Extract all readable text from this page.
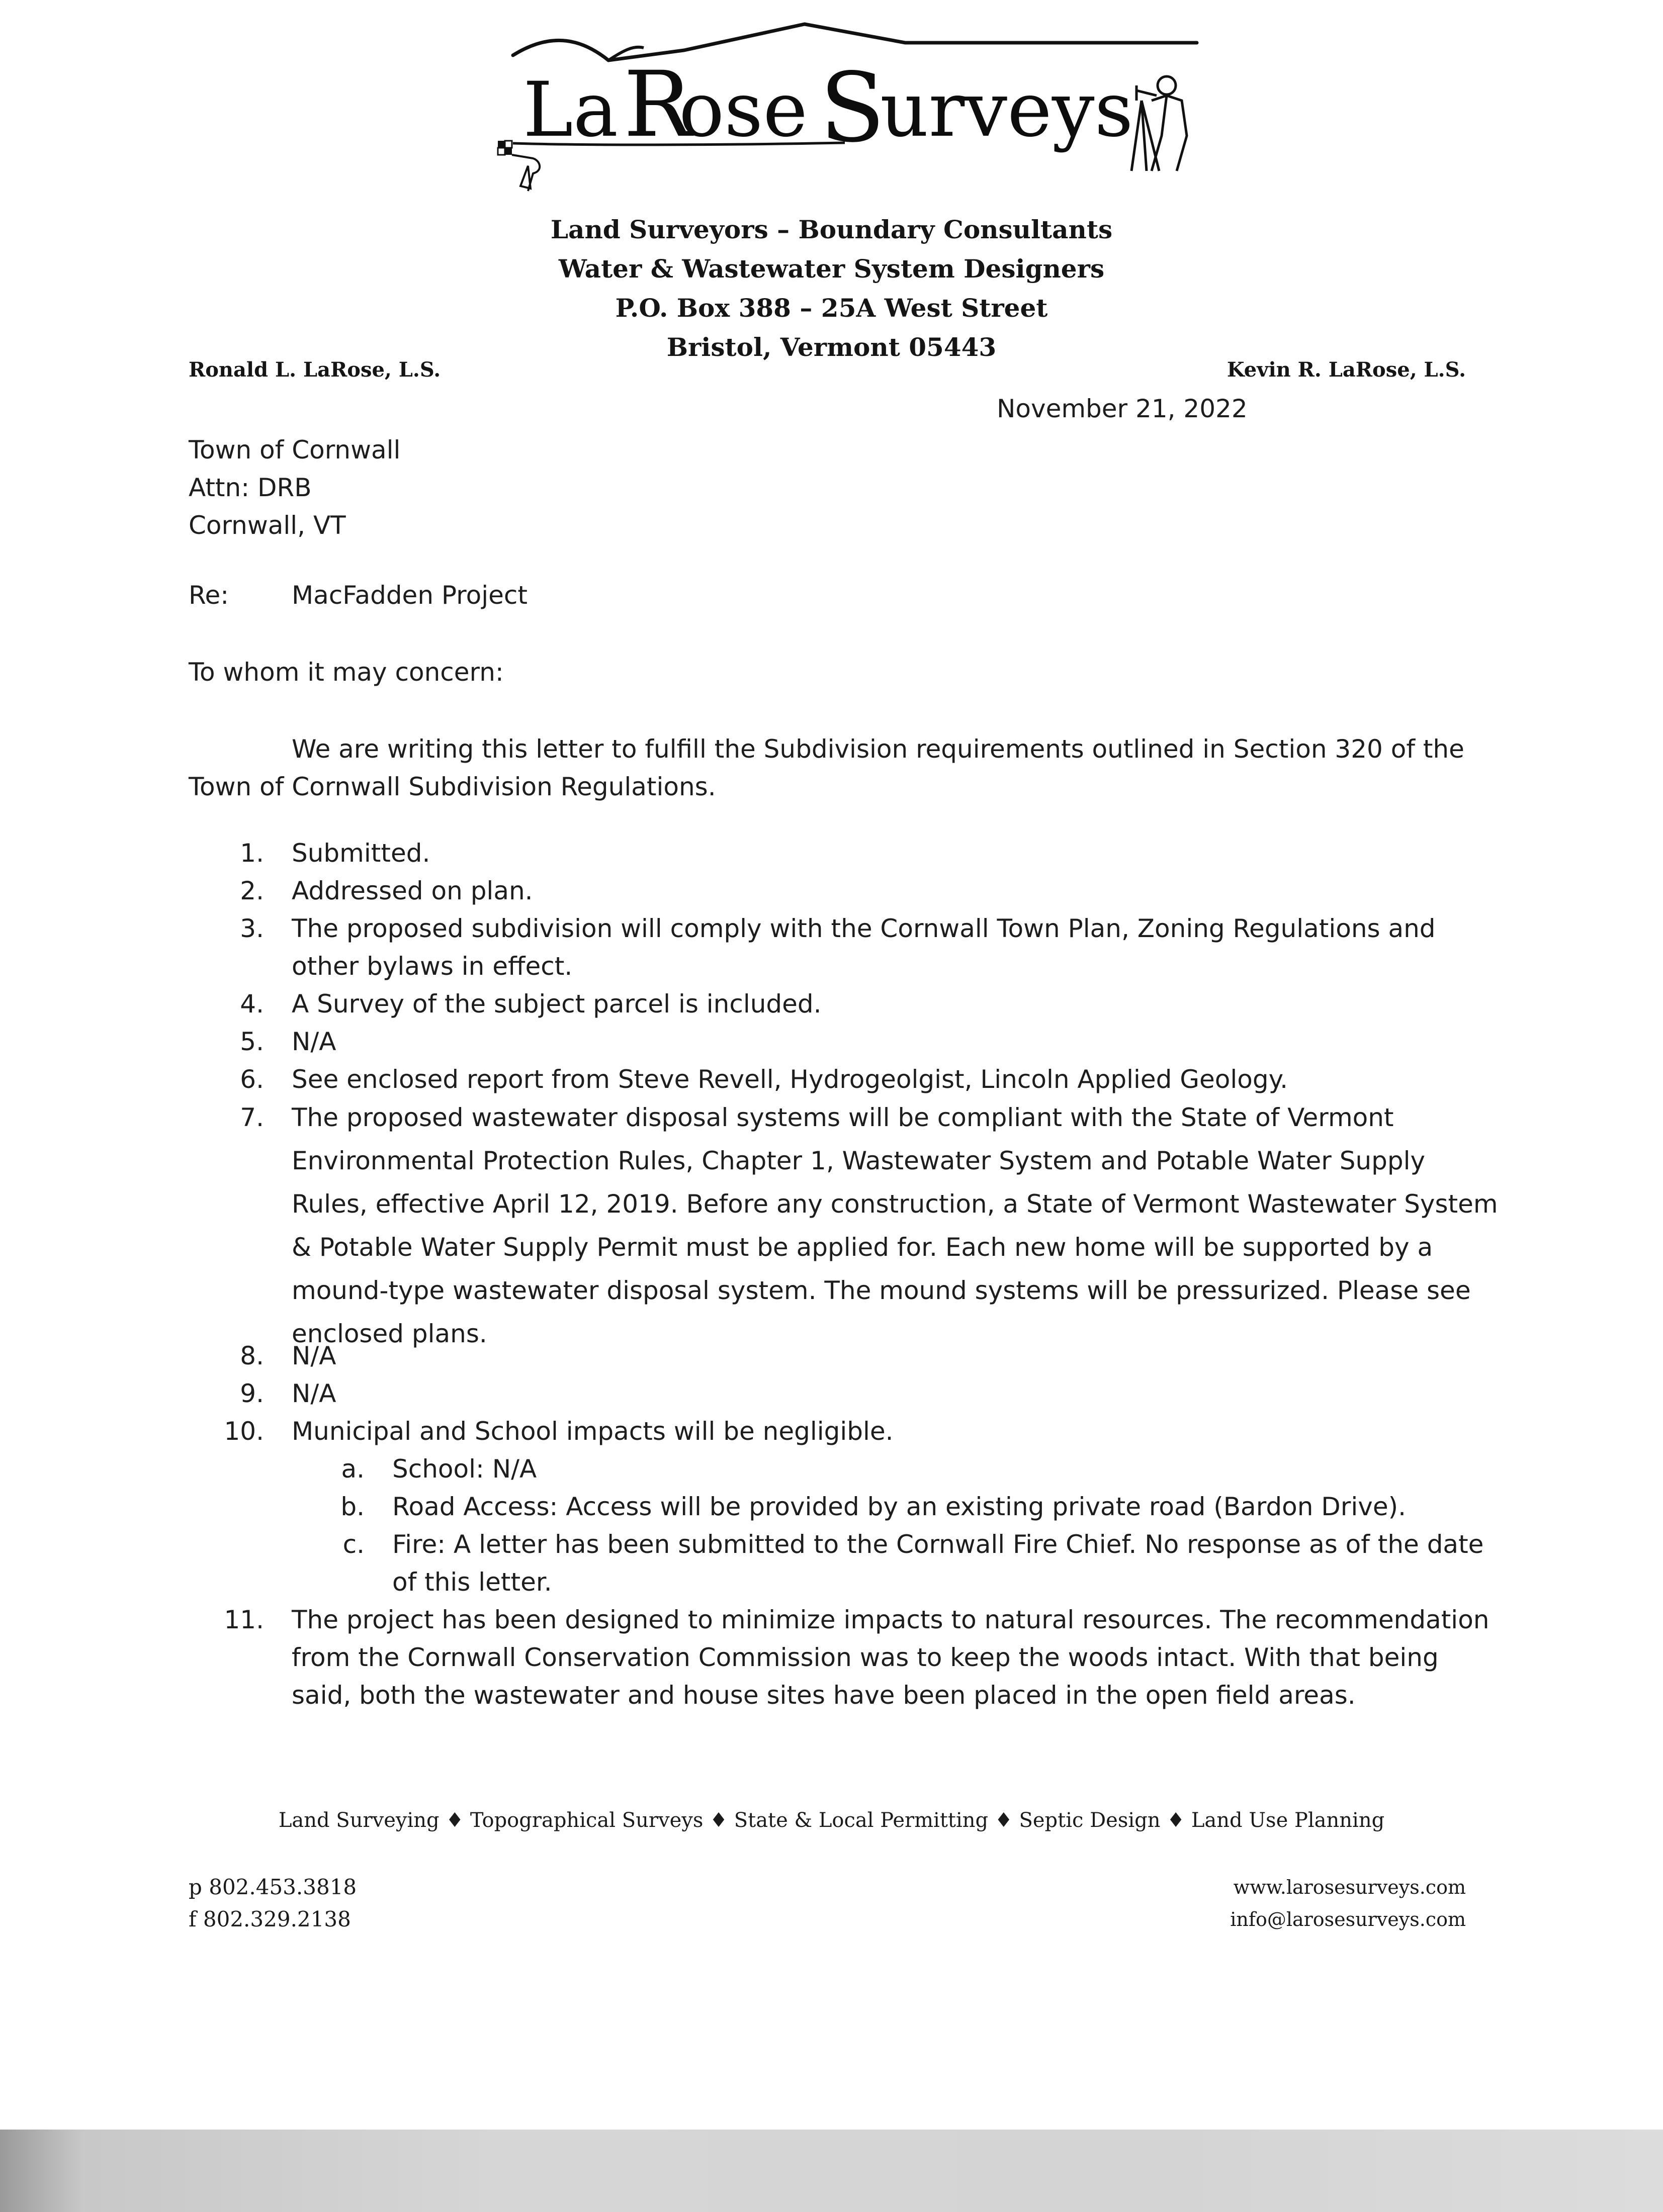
La R
ose S
urveys
Land Surveyors – Boundary Consultants
Water & Wastewater System Designers
P.O. Box 388 – 25A West Street
Bristol, Vermont 05443
Ronald L. LaRose, L.S.	Kevin R. LaRose, L.S.
November 21, 2022
Town of Cornwall
Attn: DRB
Cornwall, VT
Re: MacFadden Project
To whom it may concern:
We are writing this letter to fulfill the Subdivision requirements outlined in Section 320 of the Town of Cornwall Subdivision Regulations.
1. Submitted.
2. Addressed on plan.
3. The proposed subdivision will comply with the Cornwall Town Plan, Zoning Regulations and
other bylaws in effect.
4. A Survey of the subject parcel is included.
5. N/A
6. See enclosed report from Steve Revell, Hydrogeolgist, Lincoln Applied Geology.
7. The proposed wastewater disposal systems will be compliant with the State of Vermont
Environmental Protection Rules, Chapter 1, Wastewater System and Potable Water Supply
Rules, effective April 12, 2019. Before any construction, a State of Vermont Wastewater System
& Potable Water Supply Permit must be applied for. Each new home will be supported by a
mound-type wastewater disposal system. The mound systems will be pressurized. Please see
enclosed plans.
8. N/A
9. N/A
10. Municipal and School impacts will be negligible.
a. School: N/A
b. Road Access: Access will be provided by an existing private road (Bardon Drive).
c. Fire: A letter has been submitted to the Cornwall Fire Chief. No response as of the date
of this letter.
11. The project has been designed to minimize impacts to natural resources. The recommendation
from the Cornwall Conservation Commission was to keep the woods intact. With that being
said, both the wastewater and house sites have been placed in the open field areas.
Land Surveying ♦ Topographical Surveys ♦ State & Local Permitting ♦ Septic Design ♦ Land Use Planning
p 802.453.3818
f 802.329.2138
www.larosesurveys.com
info@larosesurveys.com
